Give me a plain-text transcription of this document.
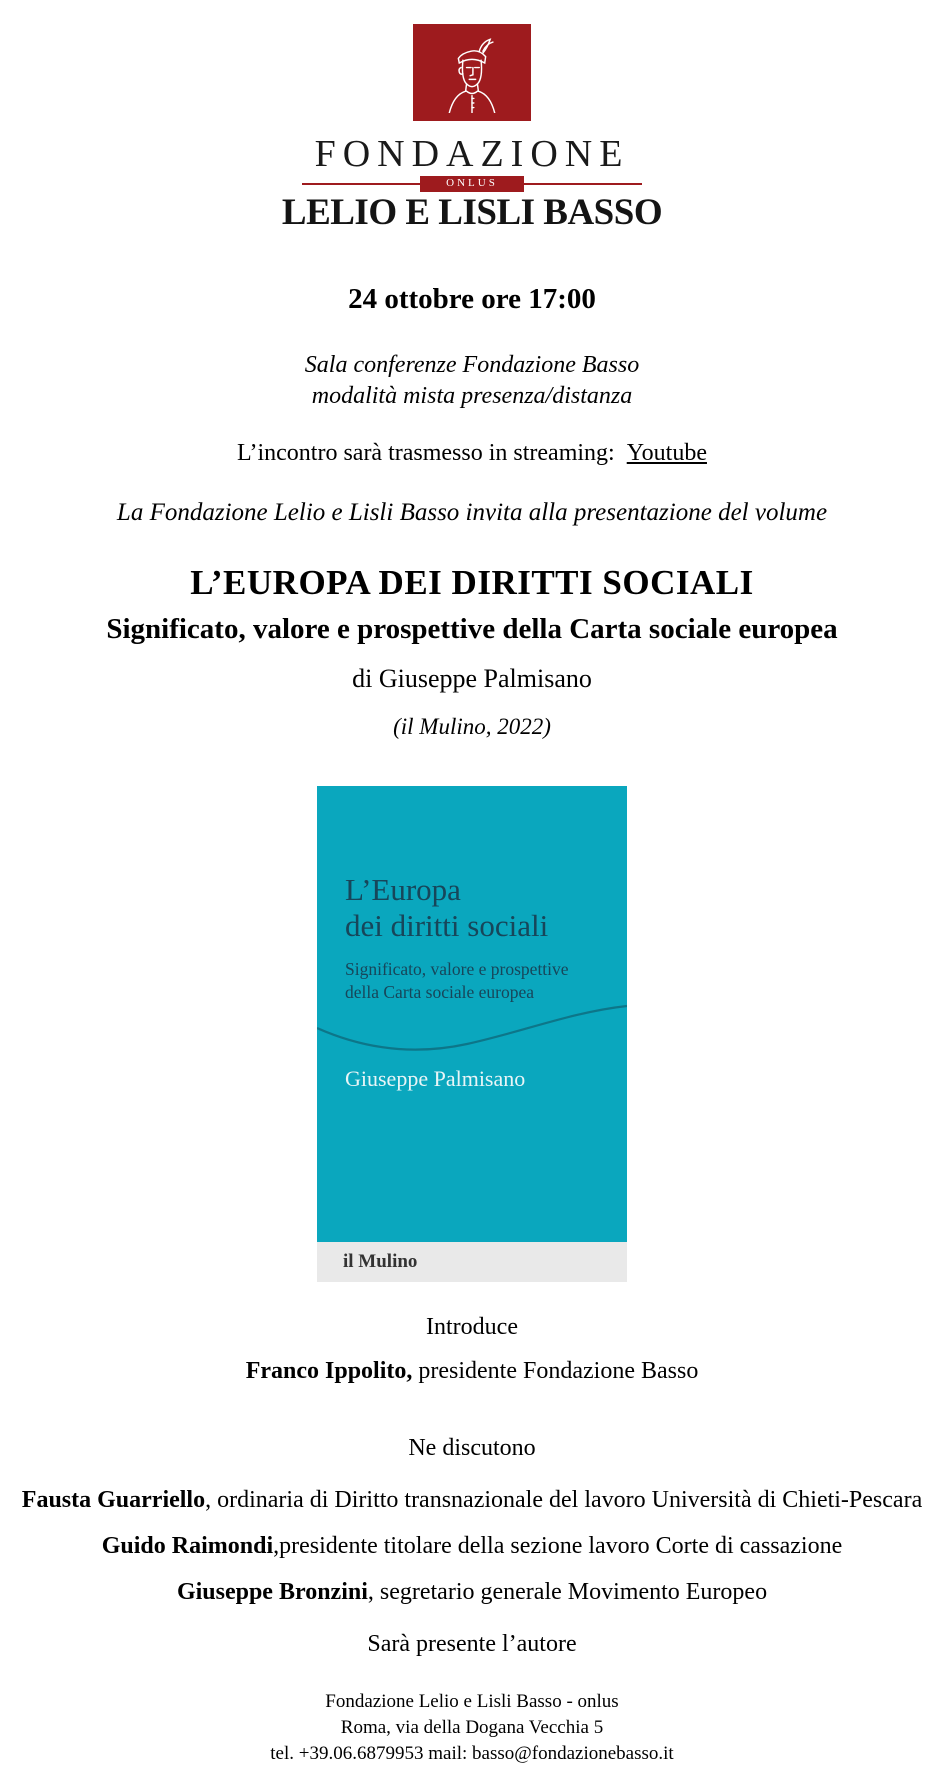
FONDAZIONE
ONLUS
LELIO E LISLI BASSO

24 ottobre ore 17:00

Sala conferenze Fondazione Basso

modalità mista presenza/distanza

L’incontro sarà trasmesso in streaming: Youtube

La Fondazione Lelio e Lisli Basso invita alla presentazione del volume

L’EUROPA DEI DIRITTI SOCIALI

Significato, valore e prospettive della Carta sociale europea

di Giuseppe Palmisano

(il Mulino, 2022)

L’Europa
dei diritti sociali
Significato, valore e prospettive
della Carta sociale europea
Giuseppe Palmisano
il Mulino

Introduce

Franco Ippolito, presidente Fondazione Basso

Ne discutono

Fausta Guarriello, ordinaria di Diritto transnazionale del lavoro Università di Chieti-Pescara

Guido Raimondi,presidente titolare della sezione lavoro Corte di cassazione

Giuseppe Bronzini, segretario generale Movimento Europeo

Sarà presente l’autore

Fondazione Lelio e Lisli Basso - onlus

Roma, via della Dogana Vecchia 5

tel. +39.06.6879953 mail: basso@fondazionebasso.it
